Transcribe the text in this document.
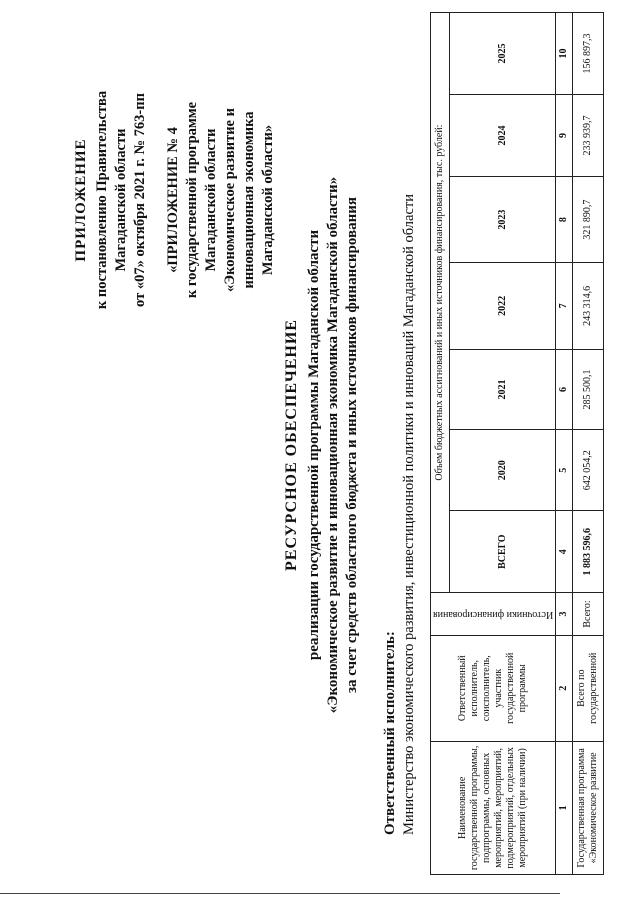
ПРИЛОЖЕНИЕ к постановлению Правительства Магаданской области от «07» октября 2021 г. № 763-пп «ПРИЛОЖЕНИЕ № 4 к государственной программе Магаданской области «Экономическое развитие и инновационная экономика Магаданской области»
РЕСУРСНОЕ ОБЕСПЕЧЕНИЕ реализации государственной программы Магаданской области «Экономическое развитие и инновационная экономика Магаданской области» за счет средств областного бюджета и иных источников финансирования
Ответственный исполнитель: Министерство экономического развития, инвестиционной политики и инноваций Магаданской области	Наименование государственной программы, подпрограммы, основных мероприятий, мероприятий, подмероприятий, отдельных мероприятий (при наличии)	Ответственный исполнитель, соисполнитель, участник государственной программы	Источники финансирования	Объем бюджетных ассигнований и иных источников финансирования, тыс. рублей:						
			ВСЕГО	2020	2021	2022	2023	2024	2025
1	2	3	4	5	6	7	8	9	10
Государственная программа «Экономическое развитие	Всего по государственной	Всего:	1 883 596,6	642 054,2	285 500,1	243 314,6	321 890,7	233 939,7	156 897,3
